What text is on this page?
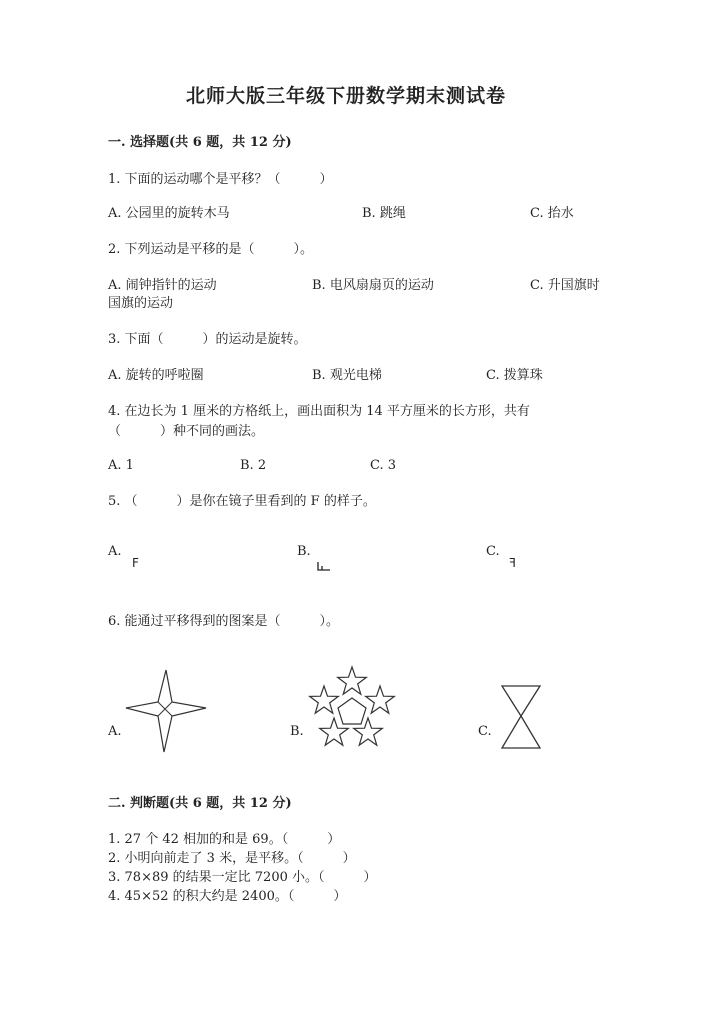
北师大版三年级下册数学期末测试卷
一. 选择题(共 6 题，共 12 分)
1. 下面的运动哪个是平移？（　　　）
A. 公园里的旋转木马	B. 跳绳	C. 抬水
2. 下列运动是平移的是（　　　）。
A. 闹钟指针的运动	B. 电风扇扇页的运动	C. 升国旗时
国旗的运动
3. 下面（　　　）的运动是旋转。
A. 旋转的呼啦圈	B. 观光电梯	C. 拨算珠
4. 在边长为 1 厘米的方格纸上，画出面积为 14 平方厘米的长方形，共有
（　　　）种不同的画法。
A. 1	B. 2	C. 3
5. （　　　）是你在镜子里看到的 F 的样子。
A.
F
B.	C.
ꟻ
6. 能通过平移得到的图案是（　　　）。
A.	B.	C.
二. 判断题(共 6 题，共 12 分)
1. 27 个 42 相加的和是 69。（　　　）
2. 小明向前走了 3 米，是平移。（　　　）
3. 78×89 的结果一定比 7200 小。（　　　）
4. 45×52 的积大约是 2400。（　　　）
